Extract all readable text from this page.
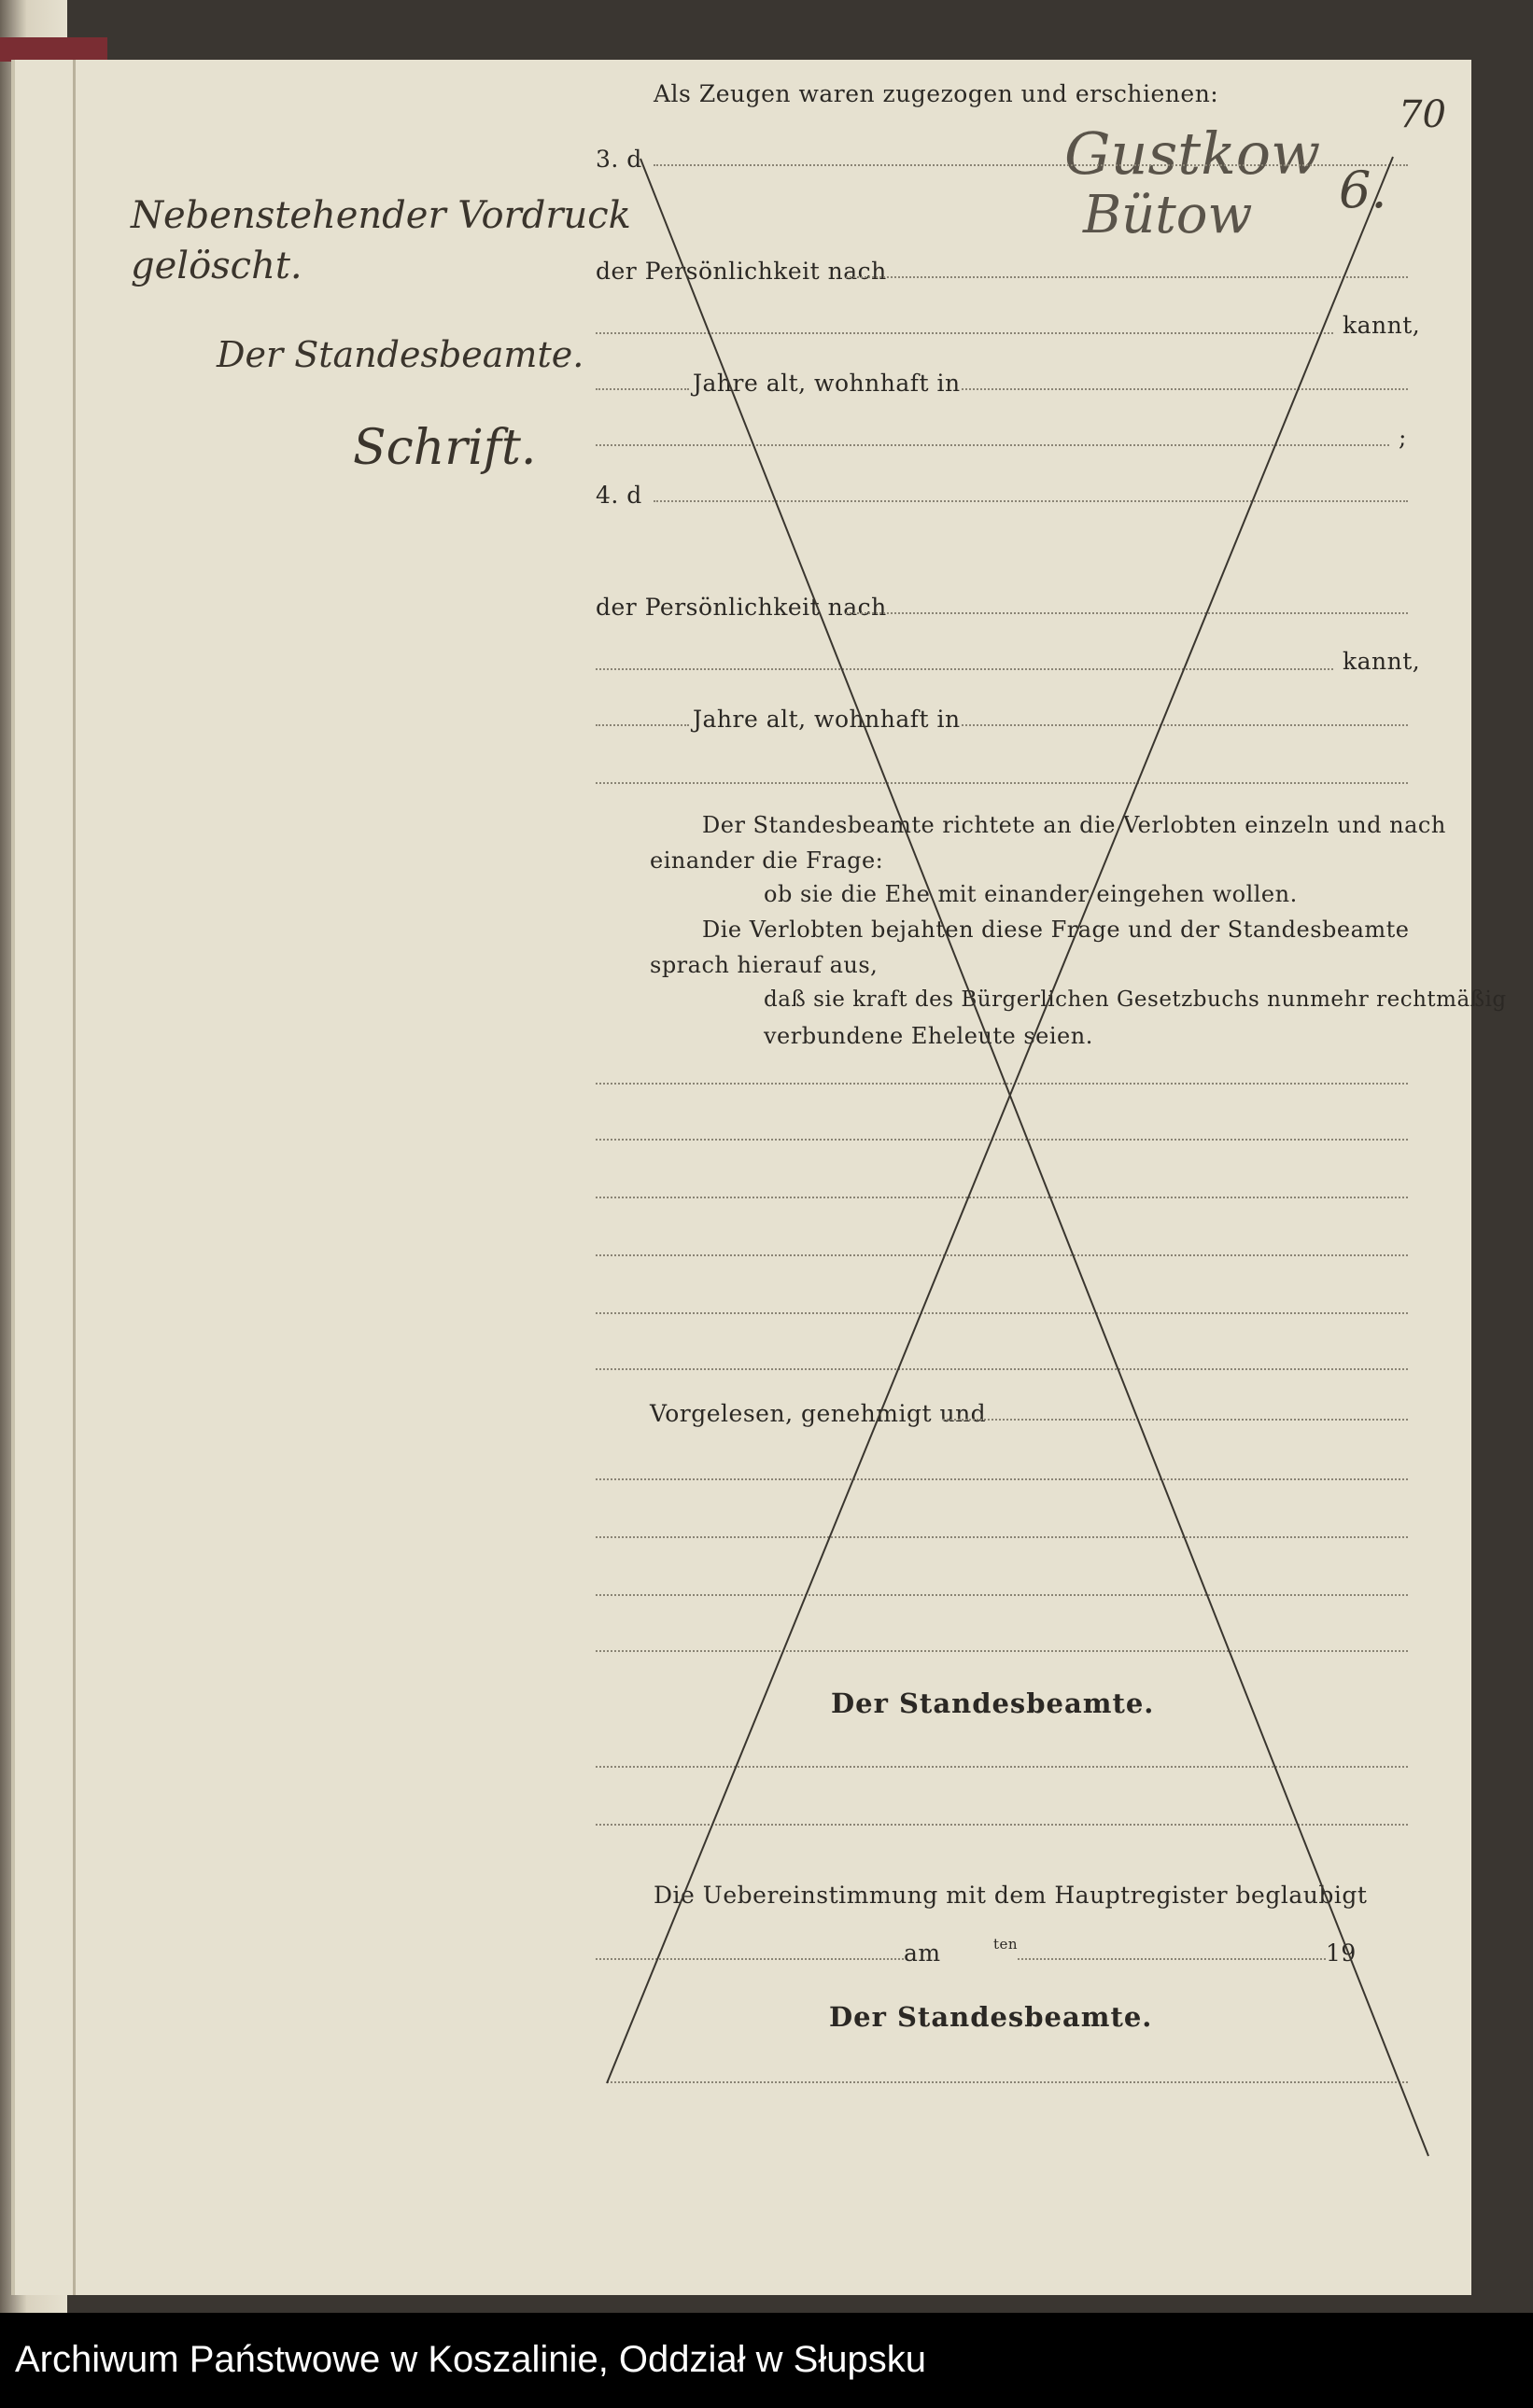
70
Gustkow
Bütow 6.
Nebenstehender Vordruck
gelöscht.
Der Standesbeamte.
Schrift.
Als Zeugen waren zugezogen und erschienen:
3. d
der Persönlichkeit nach
kannt,
Jahre alt, wohnhaft in
;
4. d
der Persönlichkeit nach
kannt,
Jahre alt, wohnhaft in
Der Standesbeamte richtete an die Verlobten einzeln und nach
einander die Frage:
ob sie die Ehe mit einander eingehen wollen.
Die Verlobten bejahten diese Frage und der Standesbeamte
sprach hierauf aus,
daß sie kraft des Bürgerlichen Gesetzbuchs nunmehr rechtmäßig
verbundene Eheleute seien.
Vorgelesen, genehmigt und
Der Standesbeamte.
Die Uebereinstimmung mit dem Hauptregister beglaubigt
am	ten	19
Der Standesbeamte.
Archiwum Państwowe w Koszalinie, Oddział w Słupsku
